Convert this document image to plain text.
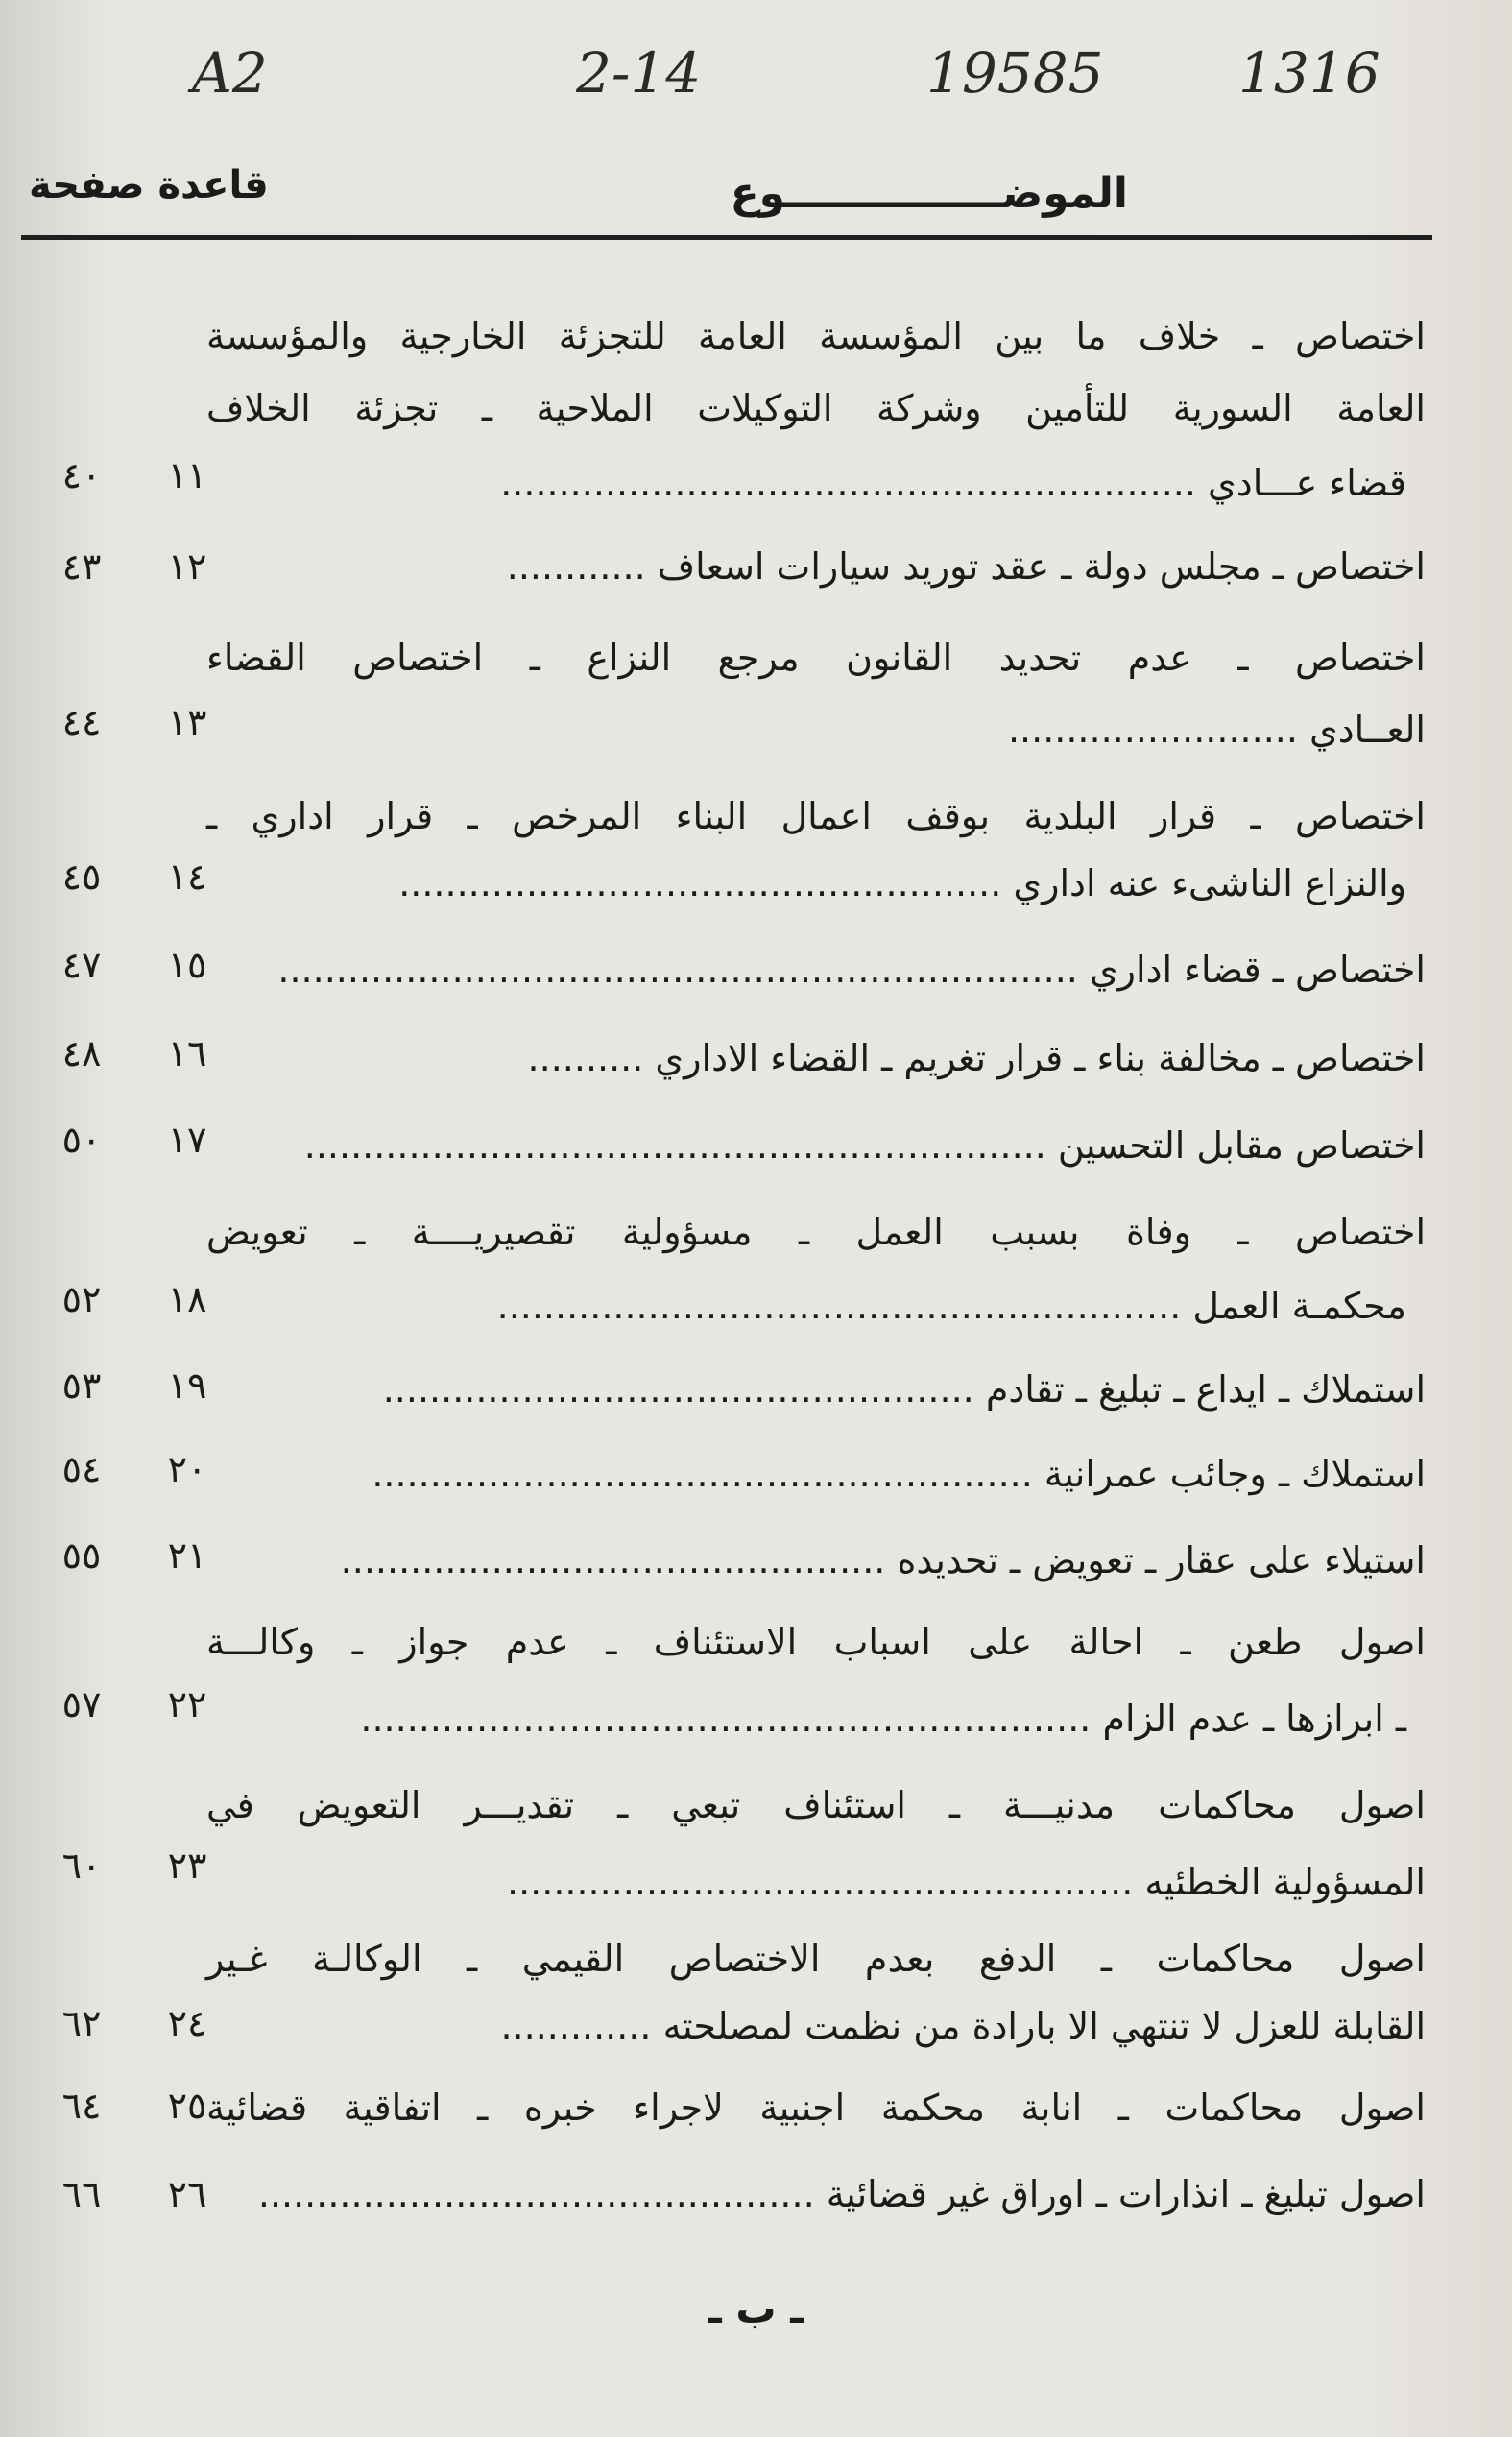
1316
19585
2-14
A2
الموضـــــــــــــــوع
قاعدة صفحة
اختصاص ـ خلاف ما بين المؤسسة العامة للتجزئة الخارجية والمؤسسة
العامة السورية للتأمين وشركة التوكيلات الملاحية ـ تجزئة الخلاف
قضاء عـــادي ............................................................
١١
٤٠
اختصاص ـ مجلس دولة ـ عقد توريد سيارات اسعاف ............
١٢
٤٣
اختصاص ـ عدم تحديد القانون مرجع النزاع ـ اختصاص القضاء
العــادي .........................
١٣
٤٤
اختصاص ـ قرار البلدية بوقف اعمال البناء المرخص ـ قرار اداري ـ
والنزاع الناشىء عنه اداري ....................................................
١٤
٤٥
اختصاص ـ قضاء اداري .....................................................................
١٥
٤٧
اختصاص ـ مخالفة بناء ـ قرار تغريم ـ القضاء الاداري ..........
١٦
٤٨
اختصاص مقابل التحسين ................................................................
١٧
٥٠
اختصاص ـ وفاة بسبب العمل ـ مسؤولية تقصيريــــة ـ تعويض
محكمـة العمل ...........................................................
١٨
٥٢
استملاك ـ ايداع ـ تبليغ ـ تقادم ...................................................
١٩
٥٣
استملاك ـ وجائب عمرانية .........................................................
٢٠
٥٤
استيلاء على عقار ـ تعويض ـ تحديده ...............................................
٢١
٥٥
اصول طعن ـ احالة على اسباب الاستئناف ـ عدم جواز ـ وكالـــة
ـ ابرازها ـ عدم الزام ...............................................................
٢٢
٥٧
اصول محاكمات مدنيـــة ـ استئناف تبعي ـ تقديـــر التعويض في
المسؤولية الخطئيه ......................................................
٢٣
٦٠
اصول محاكمات ـ الدفع بعدم الاختصاص القيمي ـ الوكالـة غـير
القابلة للعزل لا تنتهي الا بارادة من نظمت لمصلحته .............
٢٤
٦٢
اصول محاكمات ـ انابة محكمة اجنبية لاجراء خبره ـ اتفاقية قضائية
٢٥
٦٤
اصول تبليغ ـ انذارات ـ اوراق غير قضائية ................................................
٢٦
٦٦
ـ ب ـ
